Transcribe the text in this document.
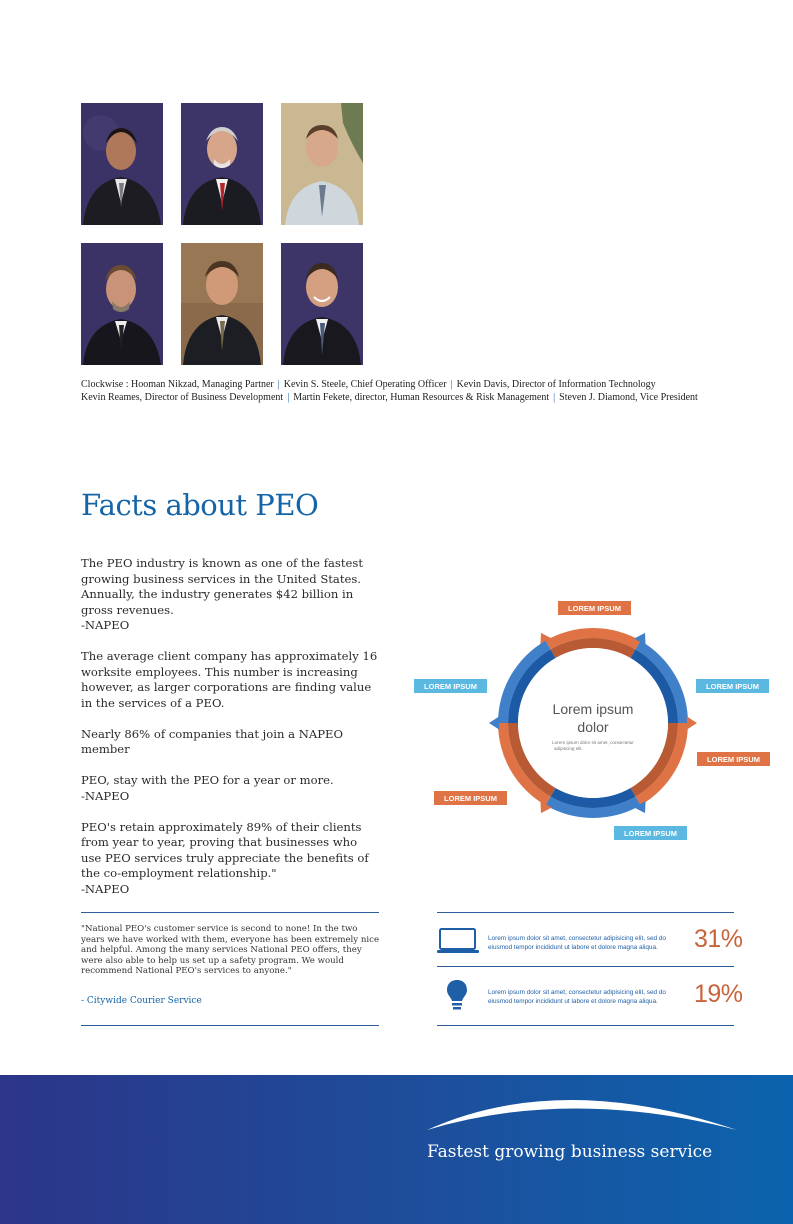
Clockwise : Hooman Nikzad, Managing Partner | Kevin S. Steele, Chief Operating Officer | Kevin Davis, Director of Information Technology
Kevin Reames, Director of Business Development | Martin Fekete, director, Human Resources & Risk Management | Steven J. Diamond, Vice President
Facts about PEO

The PEO industry is known as one of the fastest growing business services in the United States. Annually, the industry generates $42 billion in gross revenues.
-NAPEO

The average client company has approximately 16 worksite employees. This number is increasing however, as larger corporations are finding value in the services of a PEO.

Nearly 86% of companies that join a NAPEO member

PEO, stay with the PEO for a year or more.
-NAPEO

PEO's retain approximately 89% of their clients from year to year, proving that businesses who use PEO services truly appreciate the benefits of the co-employment relationship."
-NAPEO

"National PEO's customer service is second to none! In the two years we have worked with them, everyone has been extremely nice and helpful. Among the many services National PEO offers, they were also able to help us set up a safety program. We would recommend National PEO's services to anyone."
- Citywide Courier Service
LOREM IPSUM
LOREM IPSUM
LOREM IPSUM
LOREM IPSUM
LOREM IPSUM
LOREM IPSUM
Lorem ipsum
dolor
Lorem ipsum dolor sit amet, consectetur
adipiscing elit.
Lorem ipsum dolor sit amet, consectetur adipisicing elit, sed do
eiusmod tempor incididunt ut labore et dolore magna aliqua.	31%
Lorem ipsum dolor sit amet, consectetur adipisicing elit, sed do
eiusmod tempor incididunt ut labore et dolore magna aliqua.	19%
Fastest growing business service
